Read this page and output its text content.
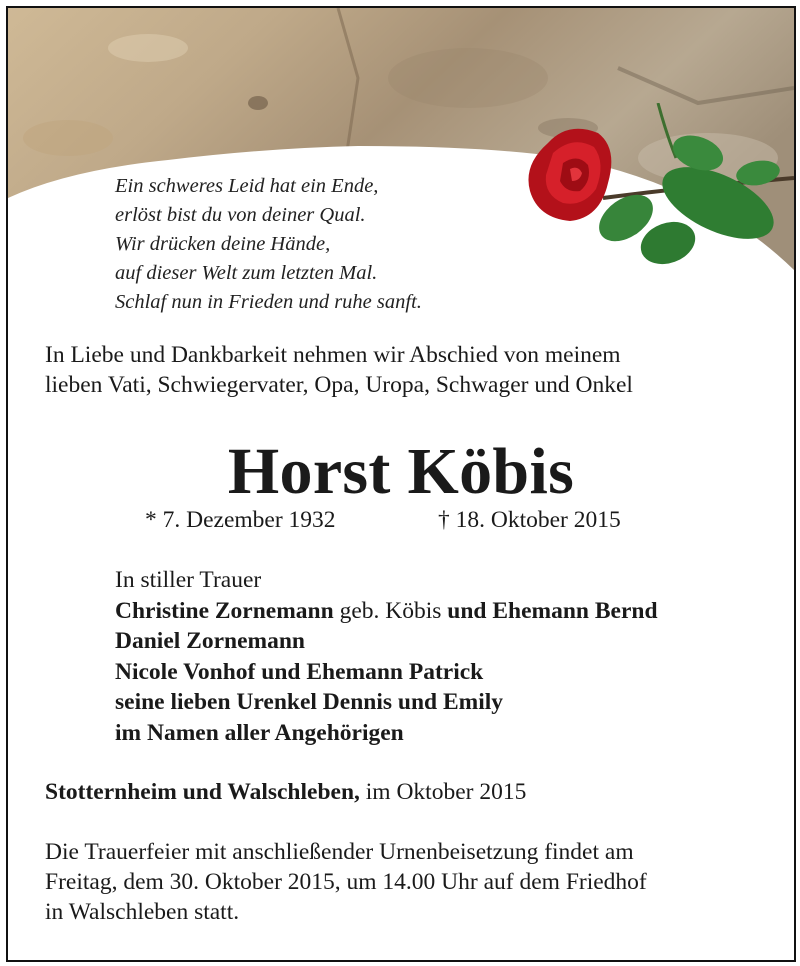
Ein schweres Leid hat ein Ende,
erlöst bist du von deiner Qual.
Wir drücken deine Hände,
auf dieser Welt zum letzten Mal.
Schlaf nun in Frieden und ruhe sanft.
In Liebe und Dankbarkeit nehmen wir Abschied von meinem
lieben Vati, Schwiegervater, Opa, Uropa, Schwager und Onkel
Horst Köbis
* 7. Dezember 1932	† 18. Oktober 2015
In stiller Trauer
Christine Zornemann geb. Köbis und Ehemann Bernd
Daniel Zornemann
Nicole Vonhof und Ehemann Patrick
seine lieben Urenkel Dennis und Emily
im Namen aller Angehörigen
Stotternheim und Walschleben, im Oktober 2015
Die Trauerfeier mit anschließender Urnenbeisetzung findet am
Freitag, dem 30. Oktober 2015, um 14.00 Uhr auf dem Friedhof
in Walschleben statt.
